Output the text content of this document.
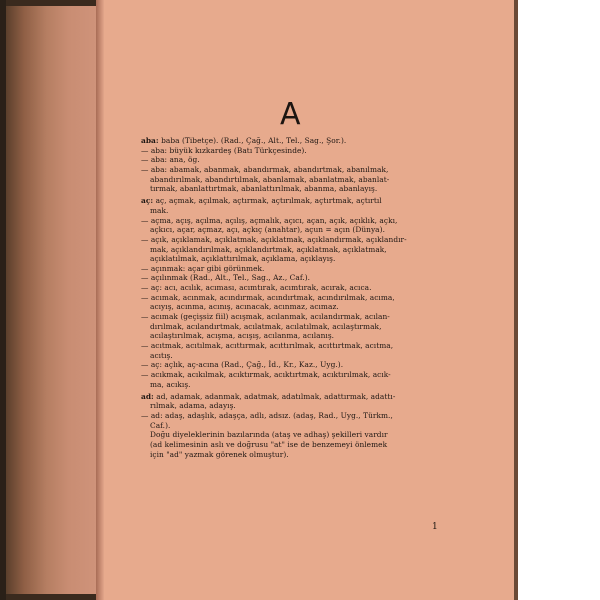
A
aba: baba (Tibetçe). (Rad., Çağ., Alt., Tel., Sag., Şor.).
— aba: büyük kızkardeş (Batı Türkçesinde).
— aba: ana, ög.
— aba: abamak, abanmak, abandırmak, abandırtmak, abanılmak,
abandırılmak, abandırtılmak, abanlamak, abanlatmak, abanlat-
tırmak, abanlattırtmak, abanlattırılmak, abanma, abanlayış.
aç: aç, açmak, açılmak, açtırmak, açtırılmak, açtırtmak, açtırtıl
mak.
— açma, açış, açılma, açılış, açmalık, açıcı, açan, açık, açıklık, açkı,
açkıcı, açar, açmaz, açı, açkıç (anahtar), açun = açın (Dünya).
— açık, açıklamak, açıklatmak, açıklatmak, açıklandırmak, açıklandır-
mak, açıklandırılmak, açıklandırtmak, açıklatmak, açıklatmak,
açıklatılmak, açıklattırılmak, açıklama, açıklayış.
— açınmak: açar gibi görünmek.
— açılınmak (Rad., Alt., Tel., Sag., Az., Caf.).
— aç: acı, acılık, acıması, acımtırak, acımtırak, acırak, acıca.
— acımak, acınmak, acındırmak, acındırtmak, acındırılmak, acıma,
acıyış, acınma, acınış, acınacak, acınmaz, acımaz.
— acımak (geçişsiz fiil) acışmak, acılanmak, acılandırmak, acılan-
dırılmak, acılandırtmak, acılatmak, acılatılmak, acılaştırmak,
acılaştırılmak, acışma, acışış, acılanma, acılanış.
— acıtmak, acıtılmak, acıttırmak, acıttırılmak, acıttırtmak, acıtma,
acıtış.
— aç: açlık, aç-acına (Rad., Çağ., İd., Kr., Kaz., Uyg.).
— acıkmak, acıkılmak, acıktırmak, acıktırtmak, acıktırılmak, acık-
ma, acıkış.
ad: ad, adamak, adanmak, adatmak, adatılmak, adattırmak, adattı-
rılmak, adama, adayış.
— ad: adaş, adaşlık, adaşça, adlı, adsız. (adaş, Rad., Uyg., Türkm.,
Caf.).
Doğu diyeleklerinin bazılarında (ataş ve adhaş) şekilleri vardır
(ad kelimesinin aslı ve doğrusu "at" ise de benzemeyi önlemek
için "ad" yazmak görenek olmuştur).
1
